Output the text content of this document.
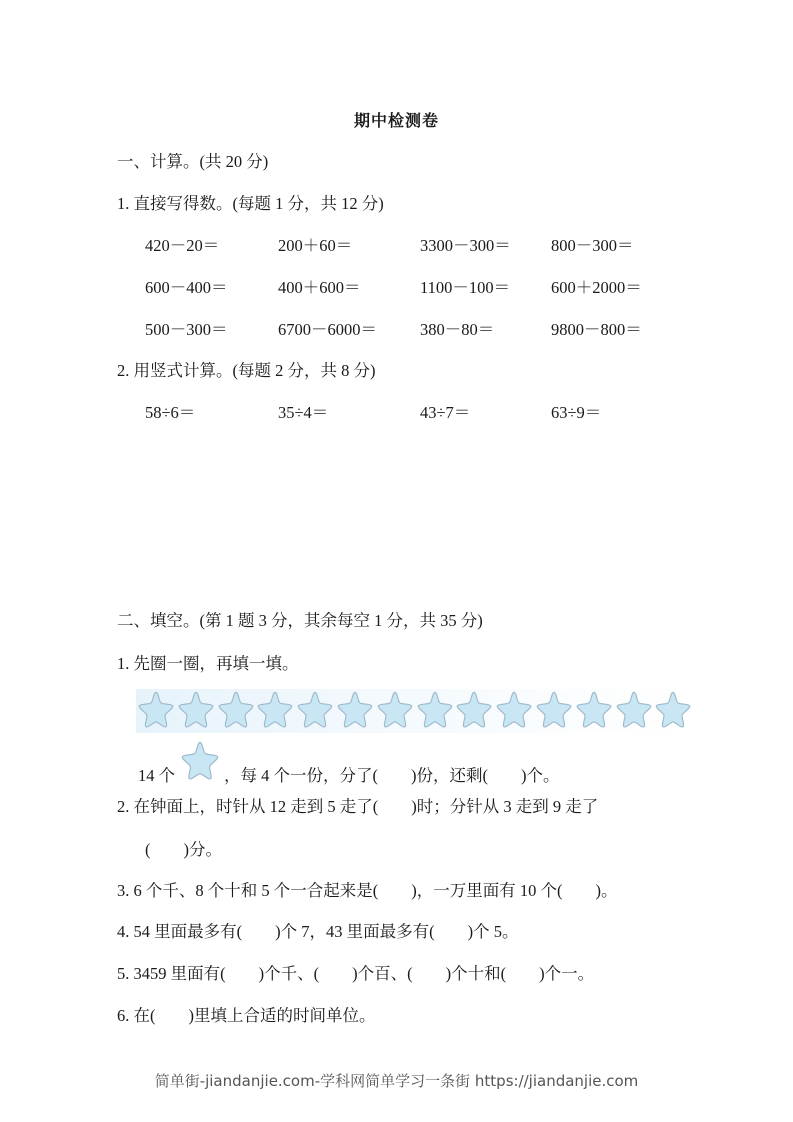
期中检测卷
一、计算。(共 20 分)
1. 直接写得数。(每题 1 分，共 12 分)
420－20＝	200＋60＝	3300－300＝ 800－300＝
600－400＝	400＋600＝	1100－100＝ 600＋2000＝
500－300＝	6700－6000＝	380－80＝	9800－800＝
2. 用竖式计算。(每题 2 分，共 8 分)
58÷6＝	35÷4＝	43÷7＝	63÷9＝
二、填空。(第 1 题 3 分，其余每空 1 分，共 35 分)
1. 先圈一圈，再填一填。
14 个	，每 4 个一份，分了(　　)份，还剩(　　)个。
2. 在钟面上，时针从 12 走到 5 走了(　　)时；分针从 3 走到 9 走了
(　　)分。
3. 6 个千、8 个十和 5 个一合起来是(　　)，一万里面有 10 个(　　)。
4. 54 里面最多有(　　)个 7，43 里面最多有(　　)个 5。
5. 3459 里面有(　　)个千、(　　)个百、(　　)个十和(　　)个一。
6. 在(　　)里填上合适的时间单位。
简单街-jiandanjie.com-学科网简单学习一条街 https://jiandanjie.com
